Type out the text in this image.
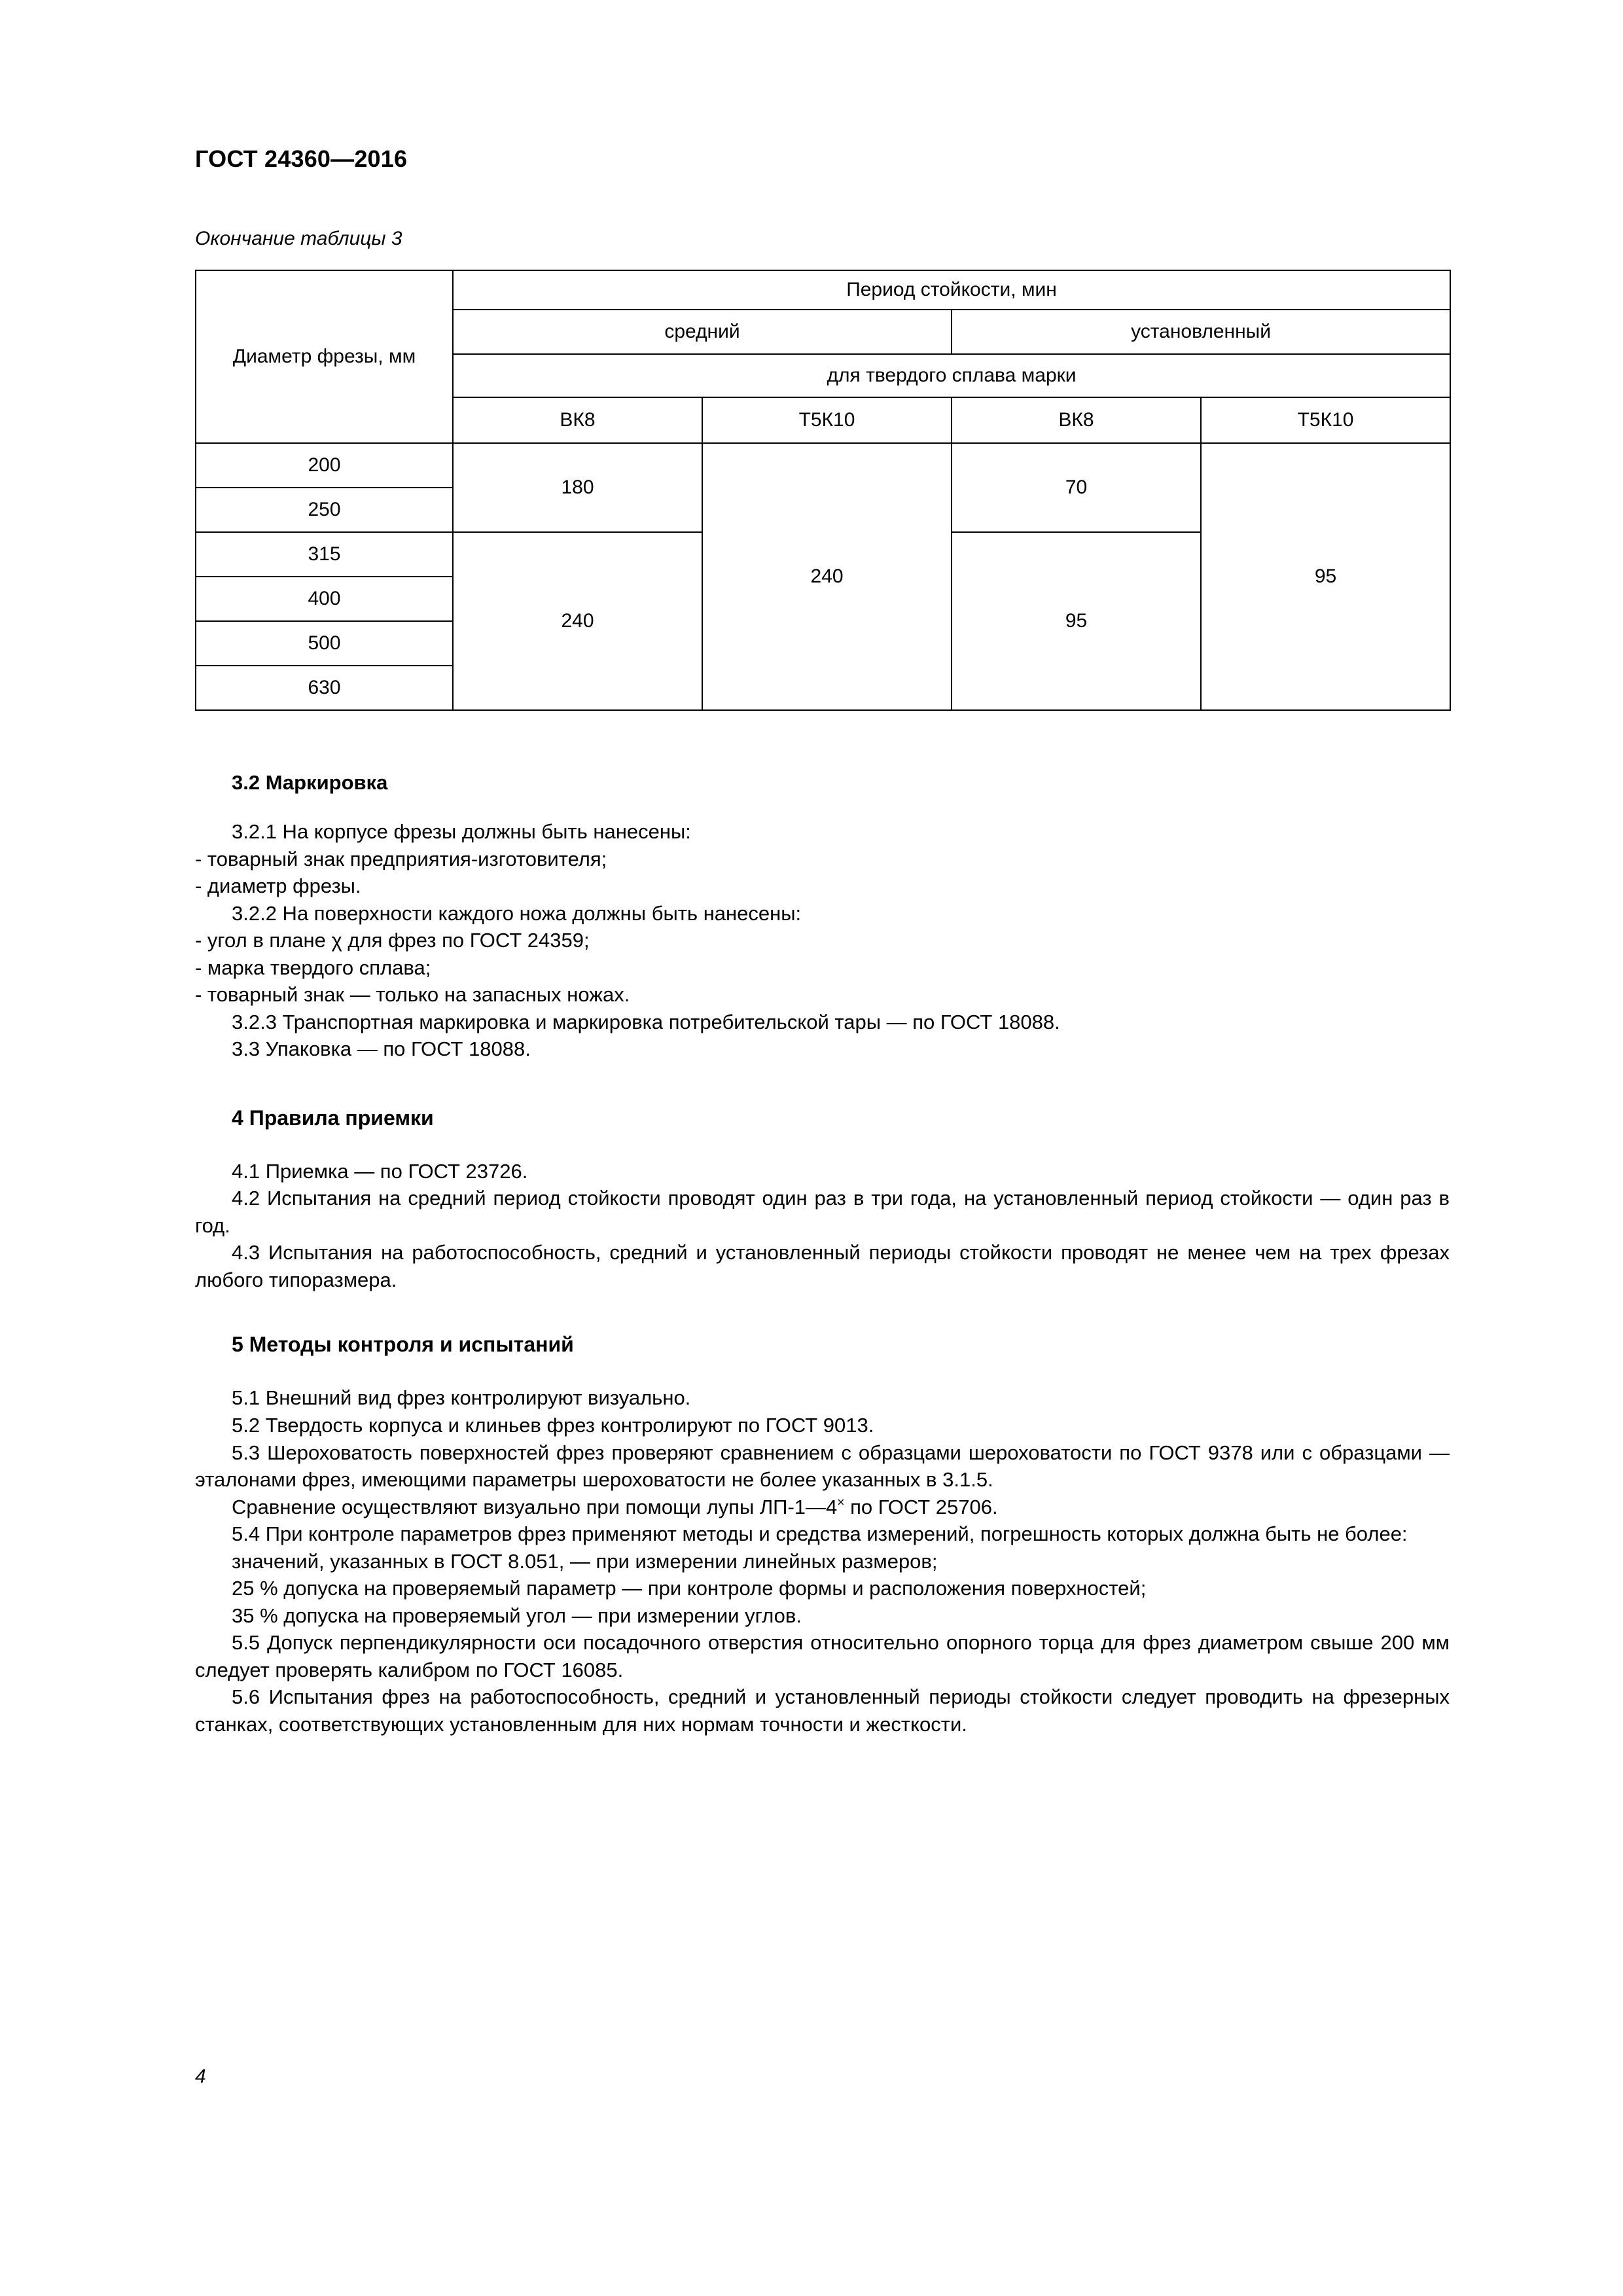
ГОСТ 24360—2016
Окончание таблицы 3
Диаметр фрезы, мм	Период стойкости, мин			
	средний		установленный	
	для твердого сплава марки			
	ВК8	Т5К10	ВК8	Т5К10
200	180	240	70	95
250				
315	240		95	
400				
500				
630				
3.2 Маркировка

3.2.1 На корпусе фрезы должны быть нанесены:

- товарный знак предприятия-изготовителя;

- диаметр фрезы.

3.2.2 На поверхности каждого ножа должны быть нанесены:

- угол в плане χ для фрез по ГОСТ 24359;

- марка твердого сплава;

- товарный знак — только на запасных ножах.

3.2.3 Транспортная маркировка и маркировка потребительской тары — по ГОСТ 18088.

3.3 Упаковка — по ГОСТ 18088.

4 Правила приемки

4.1 Приемка — по ГОСТ 23726.

4.2 Испытания на средний период стойкости проводят один раз в три года, на установленный период стойкости — один раз в год.

4.3 Испытания на работоспособность, средний и установленный периоды стойкости проводят не менее чем на трех фрезах любого типоразмера.

5 Методы контроля и испытаний

5.1 Внешний вид фрез контролируют визуально.

5.2 Твердость корпуса и клиньев фрез контролируют по ГОСТ 9013.

5.3 Шероховатость поверхностей фрез проверяют сравнением с образцами шероховатости по ГОСТ 9378 или с образцами — эталонами фрез, имеющими параметры шероховатости не более указанных в 3.1.5.

Сравнение осуществляют визуально при помощи лупы ЛП-1—4× по ГОСТ 25706.

5.4 При контроле параметров фрез применяют методы и средства измерений, погрешность которых должна быть не более:

значений, указанных в ГОСТ 8.051, — при измерении линейных размеров;

25 % допуска на проверяемый параметр — при контроле формы и расположения поверхностей;

35 % допуска на проверяемый угол — при измерении углов.

5.5 Допуск перпендикулярности оси посадочного отверстия относительно опорного торца для фрез диаметром свыше 200 мм следует проверять калибром по ГОСТ 16085.

5.6 Испытания фрез на работоспособность, средний и установленный периоды стойкости следует проводить на фрезерных станках, соответствующих установленным для них нормам точности и жесткости.

4
